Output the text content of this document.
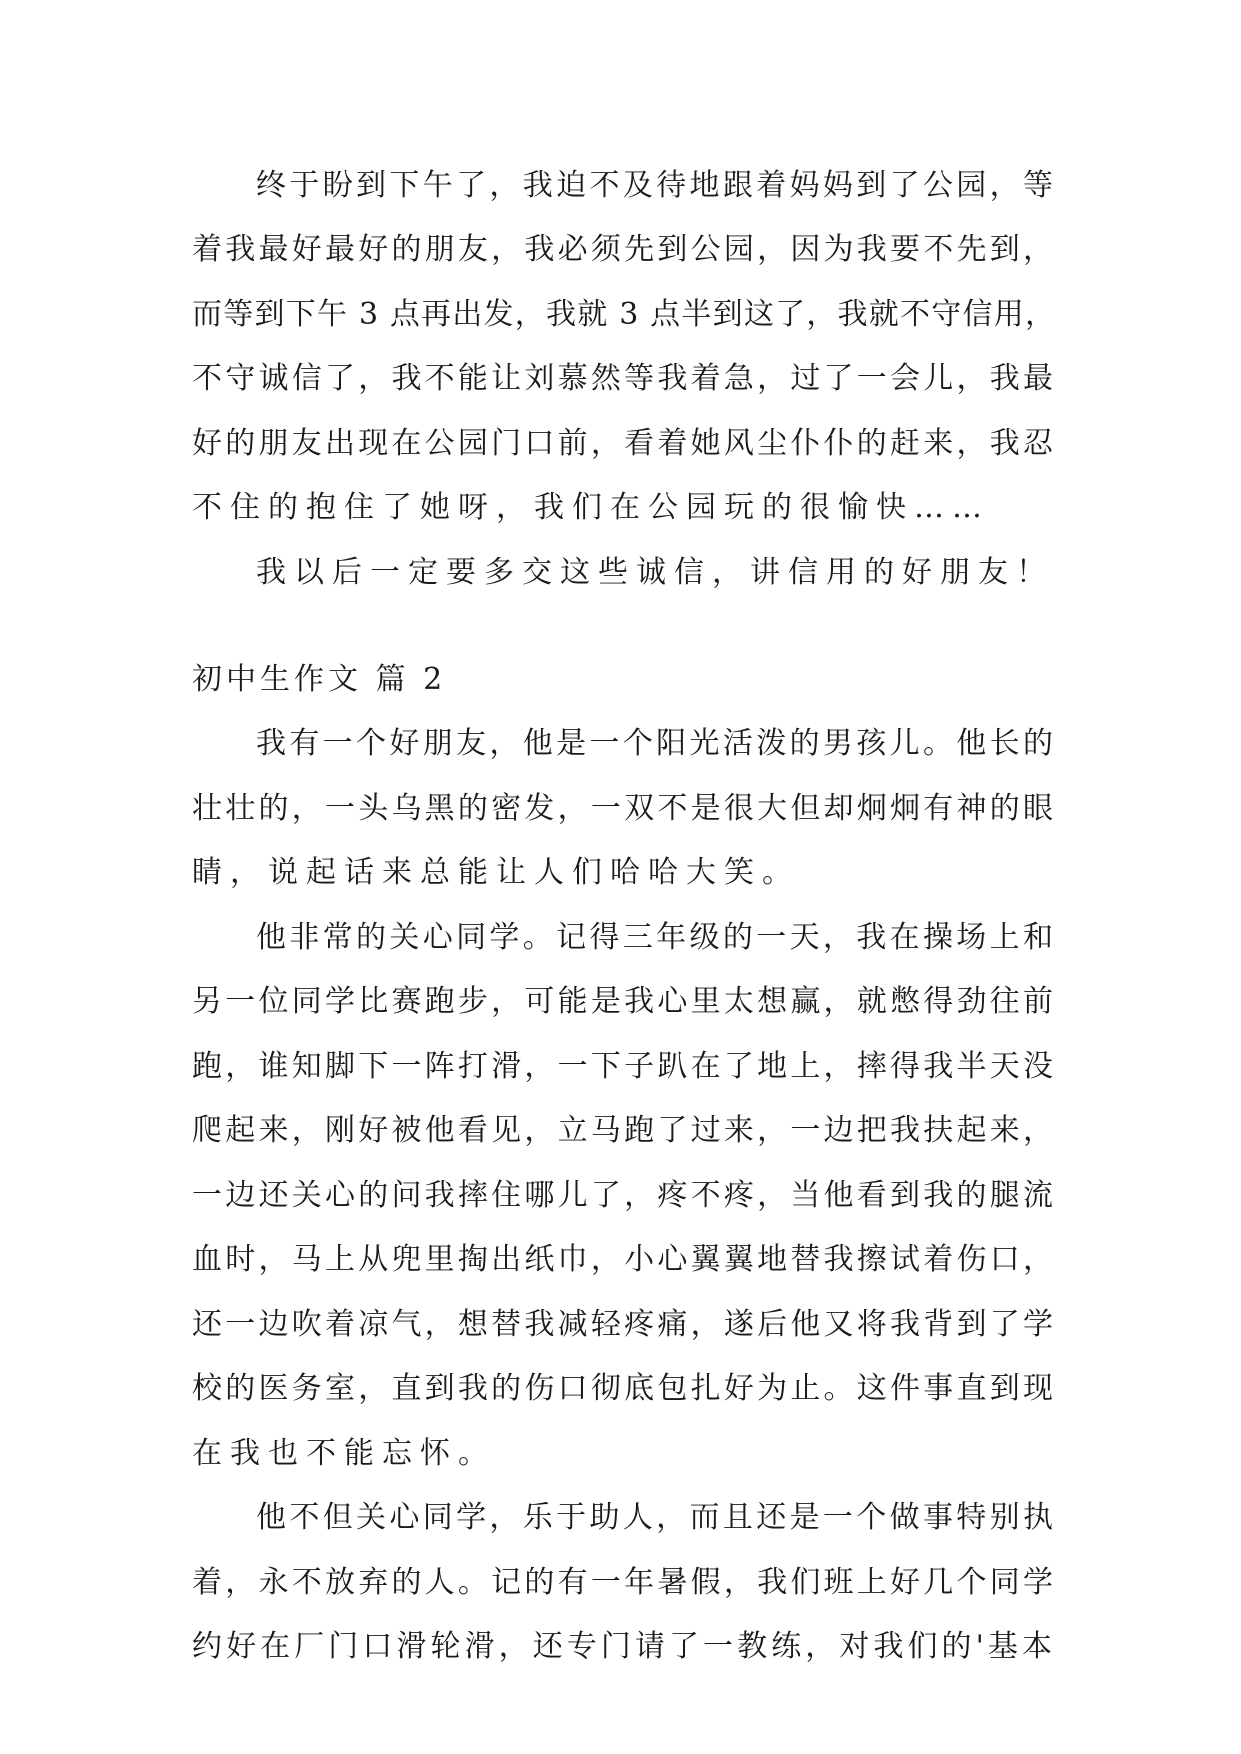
终于盼到下午了，我迫不及待地跟着妈妈到了公园，等
着我最好最好的朋友，我必须先到公园，因为我要不先到，
而等到下午 3 点再出发，我就 3 点半到这了，我就不守信用，
不守诚信了，我不能让刘慕然等我着急，过了一会儿，我最
好的朋友出现在公园门口前，看着她风尘仆仆的赶来，我忍
不住的抱住了她呀，我们在公园玩的很愉快……
我以后一定要多交这些诚信，讲信用的好朋友！
初中生作文 篇 2
我有一个好朋友，他是一个阳光活泼的男孩儿。他长的
壮壮的，一头乌黑的密发，一双不是很大但却炯炯有神的眼
睛，说起话来总能让人们哈哈大笑。
他非常的关心同学。记得三年级的一天，我在操场上和
另一位同学比赛跑步，可能是我心里太想赢，就憋得劲往前
跑，谁知脚下一阵打滑，一下子趴在了地上，摔得我半天没
爬起来，刚好被他看见，立马跑了过来，一边把我扶起来，
一边还关心的问我摔住哪儿了，疼不疼，当他看到我的腿流
血时，马上从兜里掏出纸巾，小心翼翼地替我擦试着伤口，
还一边吹着凉气，想替我减轻疼痛，遂后他又将我背到了学
校的医务室，直到我的伤口彻底包扎好为止。这件事直到现
在我也不能忘怀。
他不但关心同学，乐于助人，而且还是一个做事特别执
着，永不放弃的人。记的有一年暑假，我们班上好几个同学
约好在厂门口滑轮滑，还专门请了一教练，对我们的'基本
